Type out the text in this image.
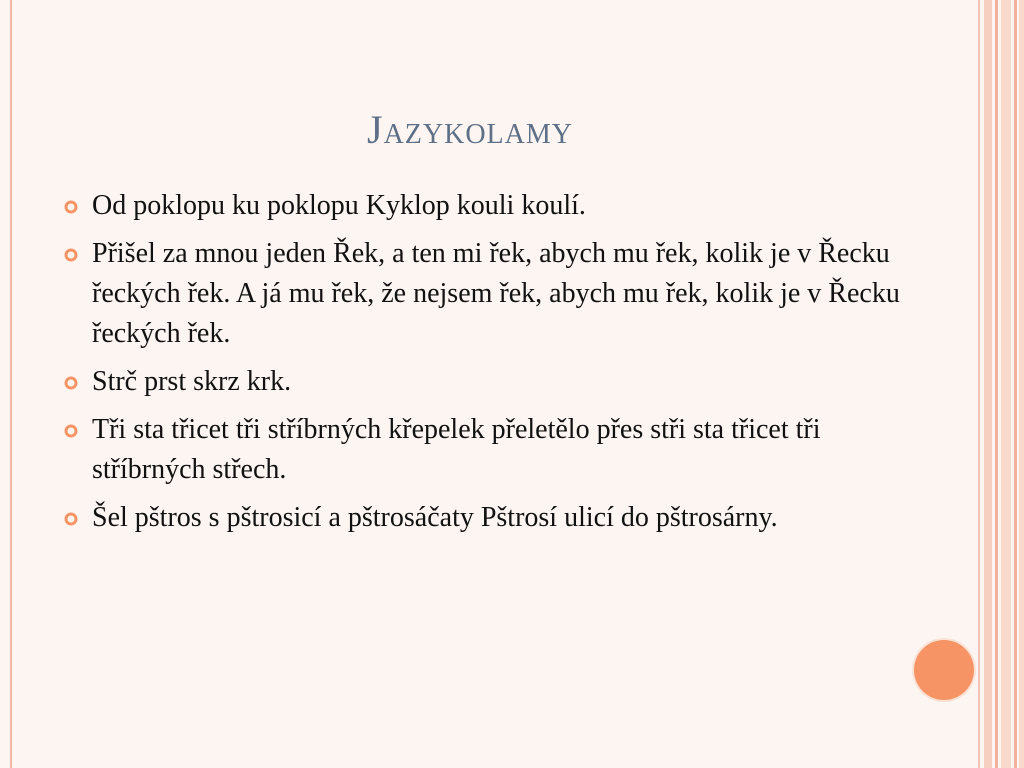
Jazykolamy
Od poklopu ku poklopu Kyklop kouli koulí.
Přišel za mnou jeden Řek, a ten mi řek, abych mu řek, kolik je v Řecku řeckých řek. A já mu řek, že nejsem řek, abych mu řek, kolik je v Řecku řeckých řek.
Strč prst skrz krk.
Tři sta třicet tři stříbrných křepelek přeletělo přes stři sta třicet tři stříbrných střech.
Šel pštros s pštrosicí a pštrosáčaty Pštrosí ulicí do pštrosárny.
